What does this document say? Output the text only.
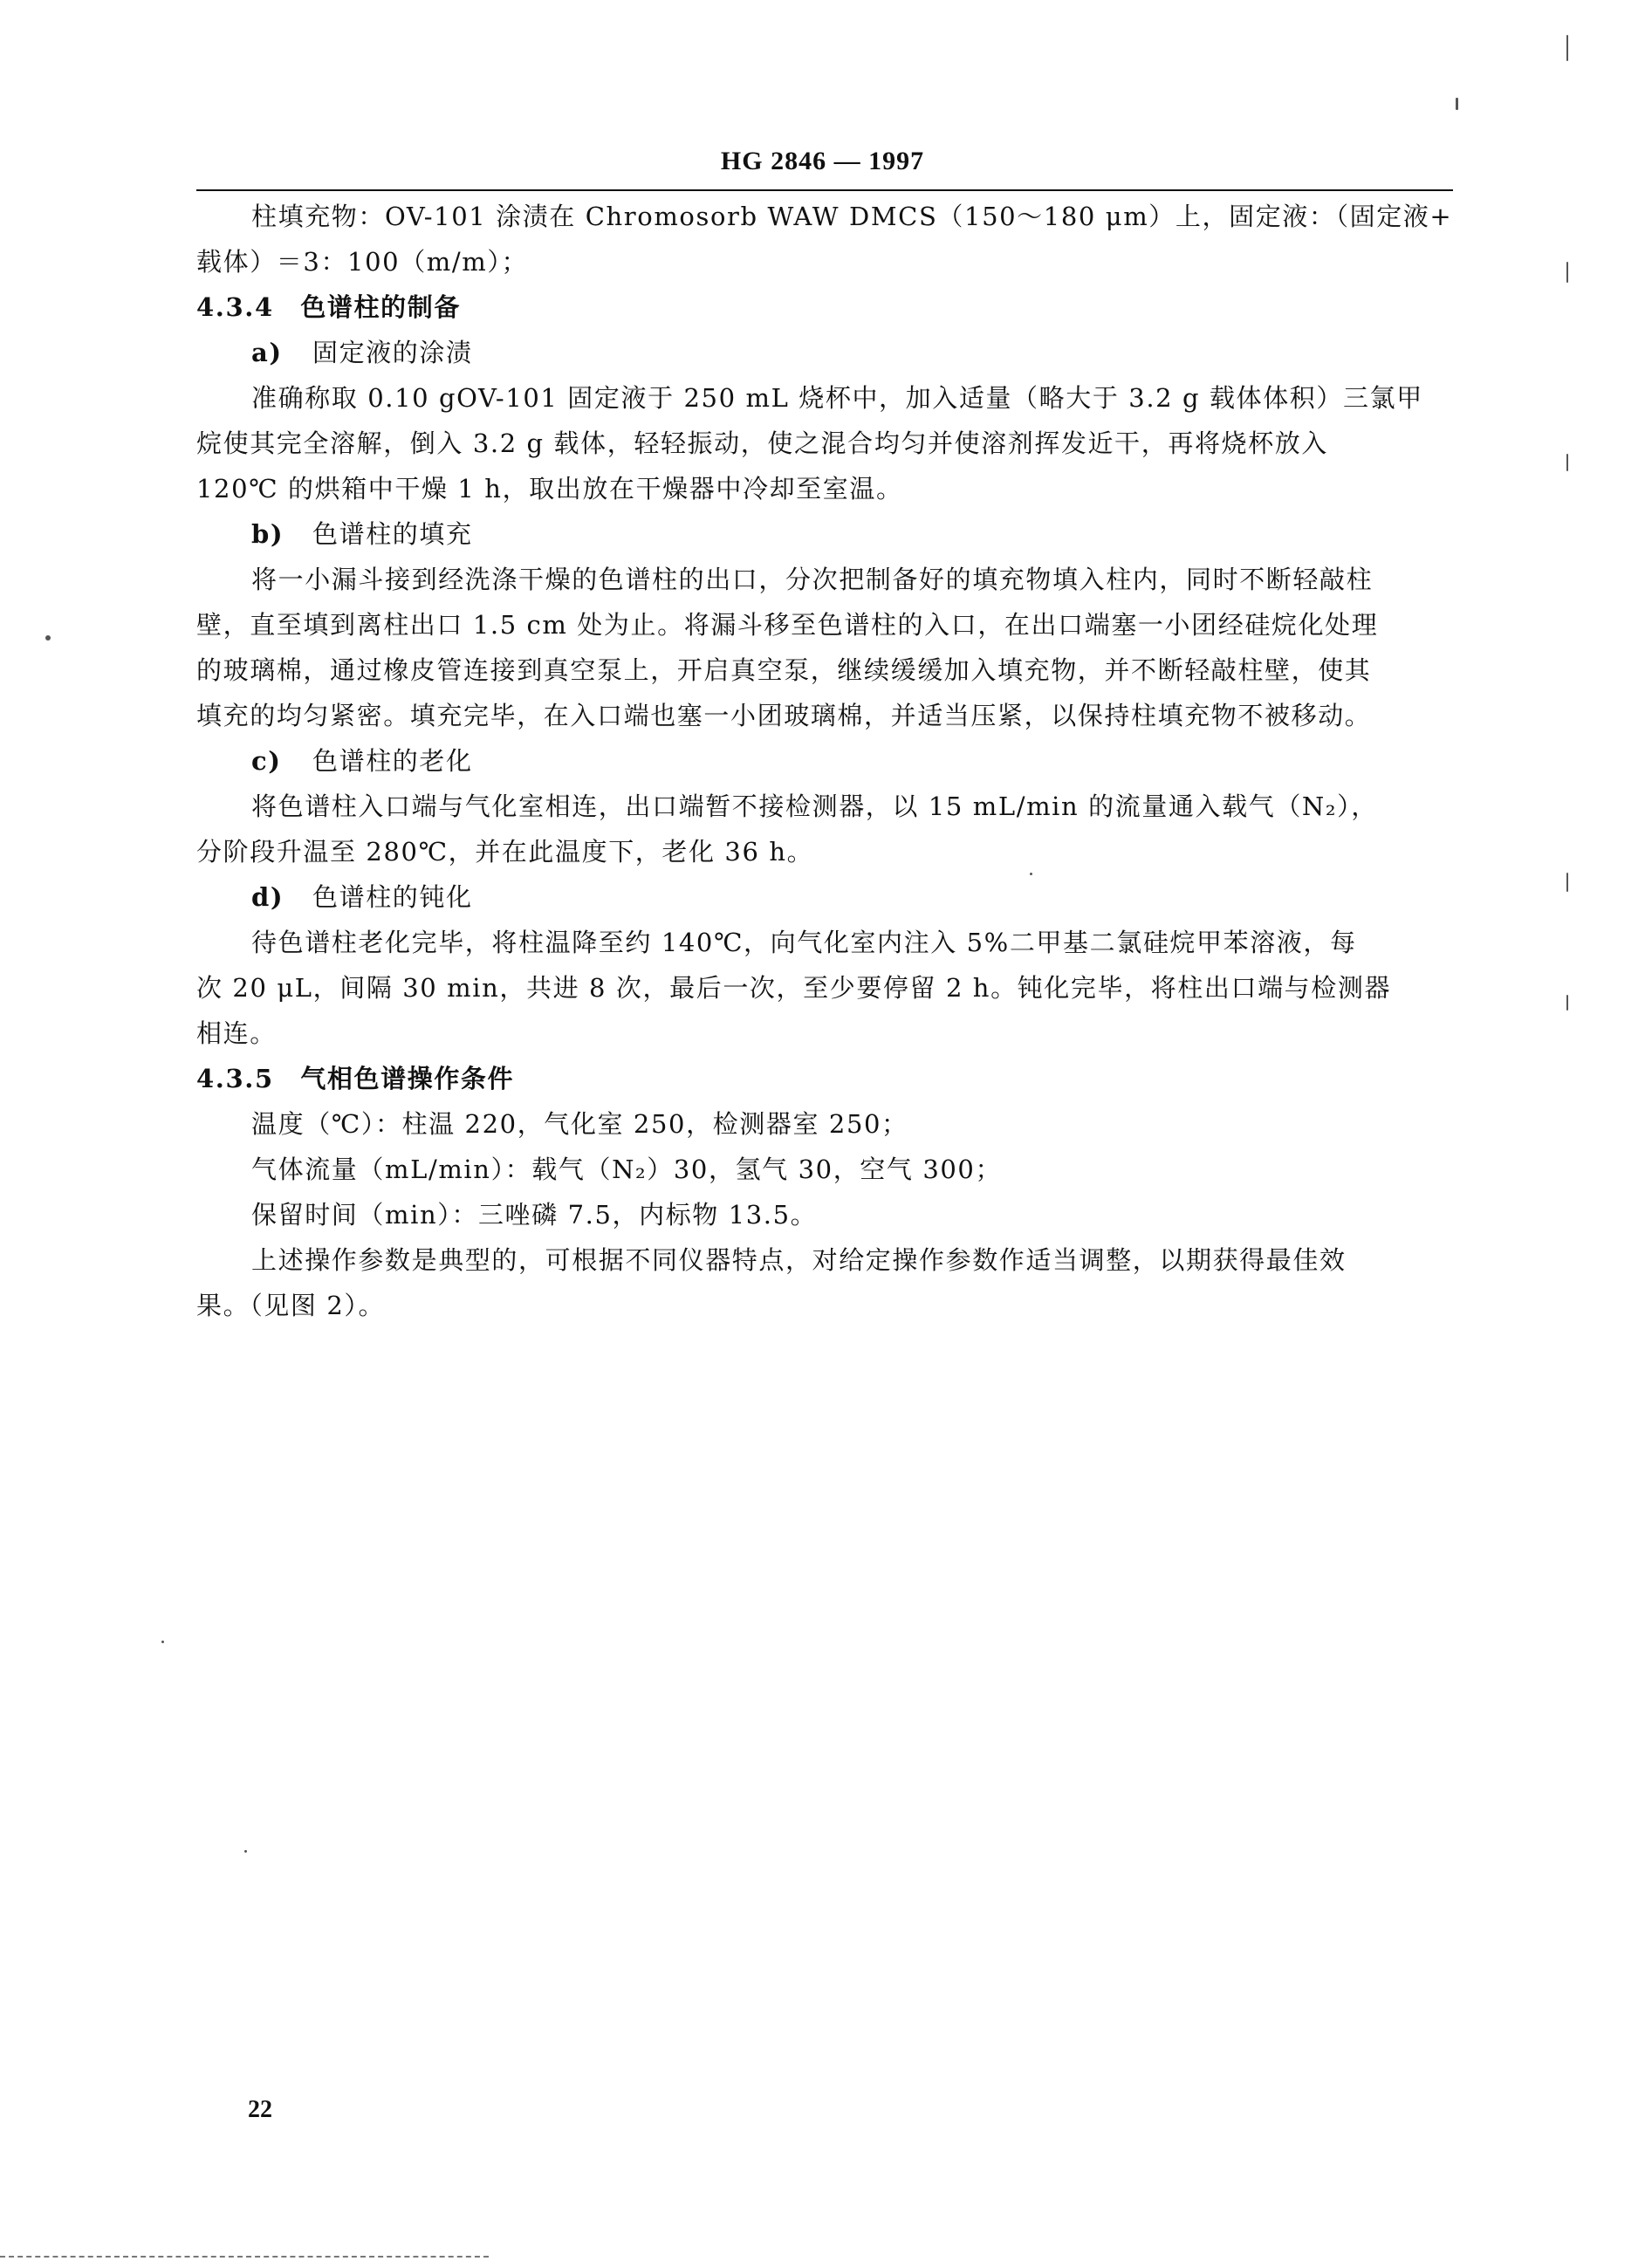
HG 2846 — 1997

柱填充物：OV-101 涂渍在 Chromosorb WAW DMCS（150～180 μm）上，固定液：（固定液+

载体）＝3：100（m/m）；

4.3.4　色谱柱的制备

a) 固定液的涂渍

准确称取 0.10 gOV-101 固定液于 250 mL 烧杯中，加入适量（略大于 3.2 g 载体体积）三氯甲

烷使其完全溶解，倒入 3.2 g 载体，轻轻振动，使之混合均匀并使溶剂挥发近干，再将烧杯放入

120℃ 的烘箱中干燥 1 h，取出放在干燥器中冷却至室温。

b) 色谱柱的填充

将一小漏斗接到经洗涤干燥的色谱柱的出口，分次把制备好的填充物填入柱内，同时不断轻敲柱

壁，直至填到离柱出口 1.5 cm 处为止。将漏斗移至色谱柱的入口，在出口端塞一小团经硅烷化处理

的玻璃棉，通过橡皮管连接到真空泵上，开启真空泵，继续缓缓加入填充物，并不断轻敲柱壁，使其

填充的均匀紧密。填充完毕，在入口端也塞一小团玻璃棉，并适当压紧，以保持柱填充物不被移动。

c) 色谱柱的老化

将色谱柱入口端与气化室相连，出口端暂不接检测器，以 15 mL/min 的流量通入载气（N₂），

分阶段升温至 280℃，并在此温度下，老化 36 h。

d) 色谱柱的钝化

待色谱柱老化完毕，将柱温降至约 140℃，向气化室内注入 5%二甲基二氯硅烷甲苯溶液，每

次 20 μL，间隔 30 min，共进 8 次，最后一次，至少要停留 2 h。钝化完毕，将柱出口端与检测器

相连。

4.3.5　气相色谱操作条件

温度（℃）：柱温 220，气化室 250，检测器室 250；

气体流量（mL/min）：载气（N₂）30，氢气 30，空气 300；

保留时间（min）：三唑磷 7.5，内标物 13.5。

上述操作参数是典型的，可根据不同仪器特点，对给定操作参数作适当调整，以期获得最佳效

果。（见图 2）。

22
